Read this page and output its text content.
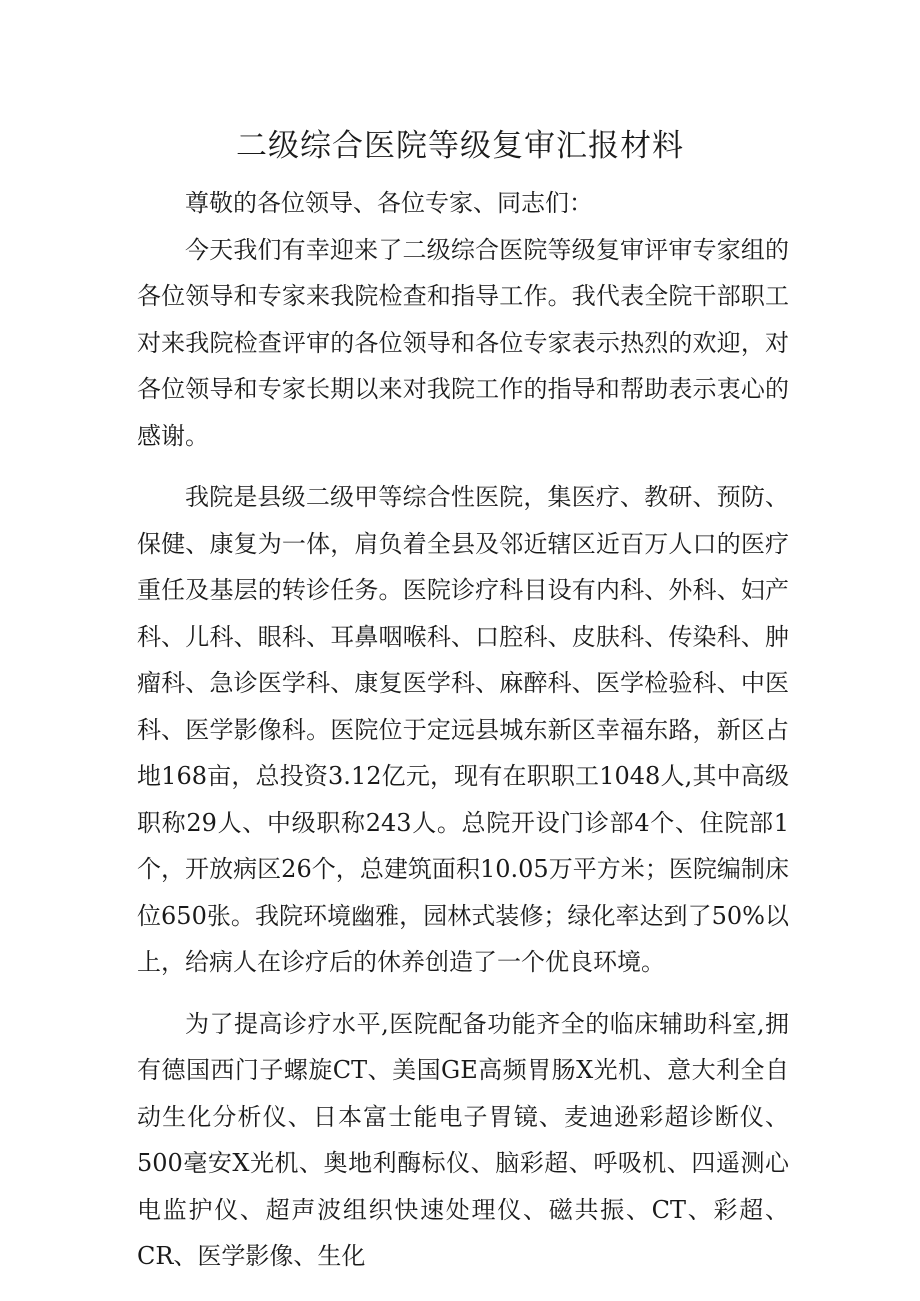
二级综合医院等级复审汇报材料

尊敬的各位领导、各位专家、同志们：

今天我们有幸迎来了二级综合医院等级复审评审专家组的各位领导和专家来我院检查和指导工作。我代表全院干部职工对来我院检查评审的各位领导和各位专家表示热烈的欢迎，对各位领导和专家长期以来对我院工作的指导和帮助表示衷心的感谢。

我院是县级二级甲等综合性医院，集医疗、教研、预防、保健、康复为一体，肩负着全县及邻近辖区近百万人口的医疗重任及基层的转诊任务。医院诊疗科目设有内科、外科、妇产科、儿科、眼科、耳鼻咽喉科、口腔科、皮肤科、传染科、肿瘤科、急诊医学科、康复医学科、麻醉科、医学检验科、中医科、医学影像科。医院位于定远县城东新区幸福东路，新区占地168亩，总投资3.12亿元，现有在职职工1048人,其中高级职称29人、中级职称243人。总院开设门诊部4个、住院部1个，开放病区26个，总建筑面积10.05万平方米；医院编制床位650张。我院环境幽雅，园林式装修；绿化率达到了50%以上，给病人在诊疗后的休养创造了一个优良环境。

为了提高诊疗水平,医院配备功能齐全的临床辅助科室,拥有德国西门子螺旋CT、美国GE高频胃肠X光机、意大利全自动生化分析仪、日本富士能电子胃镜、麦迪逊彩超诊断仪、500毫安X光机、奥地利酶标仪、脑彩超、呼吸机、四遥测心电监护仪、超声波组织快速处理仪、磁共振、CT、彩超、CR、医学影像、生化
